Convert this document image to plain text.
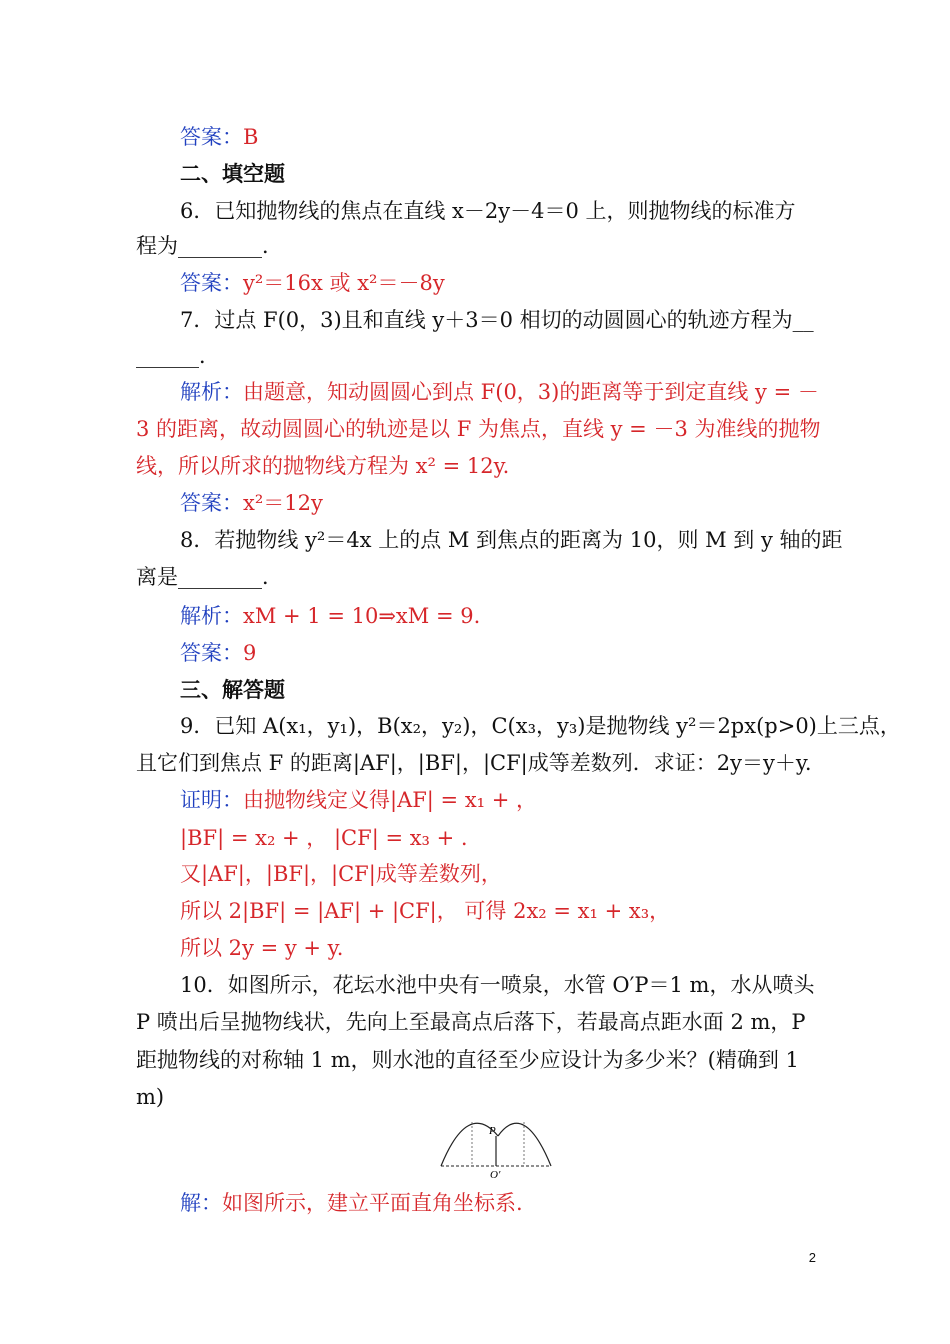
答案：B
二、填空题
6．已知抛物线的焦点在直线 x－2y－4＝0 上，则抛物线的标准方
程为________．
答案：y²＝16x 或 x²＝－8y
7．过点 F(0，3)且和直线 y＋3＝0 相切的动圆圆心的轨迹方程为__
______．
解析：由题意，知动圆圆心到点 F(0，3)的距离等于到定直线 y = －
3 的距离，故动圆圆心的轨迹是以 F 为焦点，直线 y = －3 为准线的抛物
线，所以所求的抛物线方程为 x² = 12y.
答案：x²＝12y
8．若抛物线 y²＝4x 上的点 M 到焦点的距离为 10，则 M 到 y 轴的距
离是________．
解析：xM + 1 = 10⇒xM = 9.
答案：9
三、解答题
9．已知 A(x₁，y₁)，B(x₂，y₂)，C(x₃，y₃)是抛物线 y²＝2px(p>0)上三点，
且它们到焦点 F 的距离|AF|，|BF|，|CF|成等差数列．求证：2y＝y＋y.
证明：由抛物线定义得|AF| = x₁ + ，
|BF| = x₂ + ， |CF| = x₃ + .
又|AF|，|BF|，|CF|成等差数列，
所以 2|BF| = |AF| + |CF|， 可得 2x₂ = x₁ + x₃，
所以 2y = y + y.
10．如图所示，花坛水池中央有一喷泉，水管 O′P＝1 m，水从喷头
P 喷出后呈抛物线状，先向上至最高点后落下，若最高点距水面 2 m，P
距抛物线的对称轴 1 m，则水池的直径至少应设计为多少米？(精确到 1
m)
P
O′
解：如图所示，建立平面直角坐标系.
2
